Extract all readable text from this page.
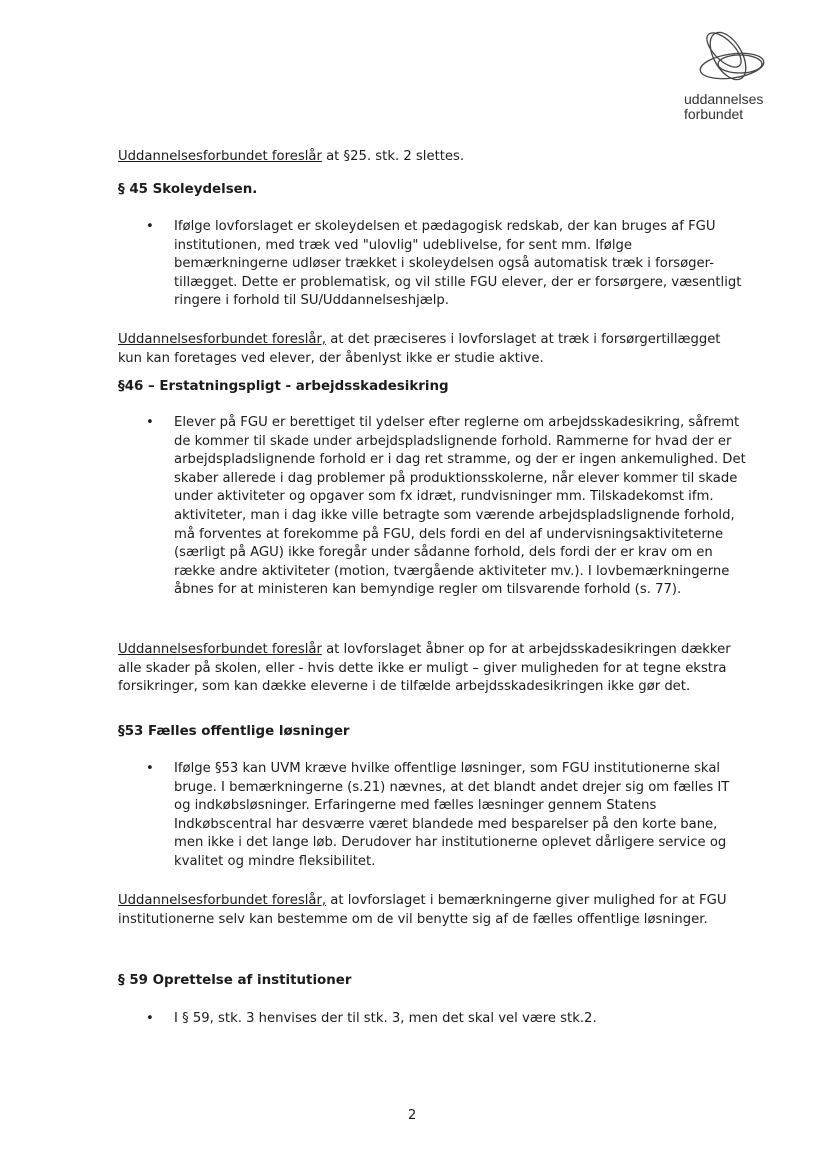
uddannelses
forbundet
Uddannelsesforbundet foreslår at §25. stk. 2 slettes.
§ 45 Skoleydelsen.
• Ifølge lovforslaget er skoleydelsen et pædagogisk redskab, der kan bruges af FGU institutionen, med træk ved "ulovlig" udeblivelse, for sent mm. Ifølge bemærkningerne udløser trækket i skoleydelsen også automatisk træk i forsøger-tillægget. Dette er problematisk, og vil stille FGU elever, der er forsørgere, væsentligt ringere i forhold til SU/Uddannelseshjælp.
Uddannelsesforbundet foreslår, at det præciseres i lovforslaget at træk i forsørgertillægget kun kan foretages ved elever, der åbenlyst ikke er studie aktive.
§46 – Erstatningspligt - arbejdsskadesikring
• Elever på FGU er berettiget til ydelser efter reglerne om arbejdsskadesikring, såfremt de kommer til skade under arbejdspladslignende forhold. Rammerne for hvad der er arbejdspladslignende forhold er i dag ret stramme, og der er ingen ankemulighed. Det skaber allerede i dag problemer på produktionsskolerne, når elever kommer til skade under aktiviteter og opgaver som fx idræt, rundvisninger mm. Tilskadekomst ifm. aktiviteter, man i dag ikke ville betragte som værende arbejdspladslignende forhold, må forventes at forekomme på FGU, dels fordi en del af undervisningsaktiviteterne (særligt på AGU) ikke foregår under sådanne forhold, dels fordi der er krav om en række andre aktiviteter (motion, tværgående aktiviteter mv.). I lovbemærkningerne åbnes for at ministeren kan bemyndige regler om tilsvarende forhold (s. 77).
Uddannelsesforbundet foreslår at lovforslaget åbner op for at arbejdsskadesikringen dækker alle skader på skolen, eller - hvis dette ikke er muligt – giver muligheden for at tegne ekstra forsikringer, som kan dække eleverne i de tilfælde arbejdsskadesikringen ikke gør det.
§53 Fælles offentlige løsninger
• Ifølge §53 kan UVM kræve hvilke offentlige løsninger, som FGU institutionerne skal bruge. I bemærkningerne (s.21) nævnes, at det blandt andet drejer sig om fælles IT og indkøbsløsninger. Erfaringerne med fælles læsninger gennem Statens Indkøbscentral har desværre været blandede med besparelser på den korte bane, men ikke i det lange løb. Derudover har institutionerne oplevet dårligere service og kvalitet og mindre fleksibilitet.
Uddannelsesforbundet foreslår, at lovforslaget i bemærkningerne giver mulighed for at FGU institutionerne selv kan bestemme om de vil benytte sig af de fælles offentlige løsninger.
§ 59 Oprettelse af institutioner
• I § 59, stk. 3 henvises der til stk. 3, men det skal vel være stk.2.
2
